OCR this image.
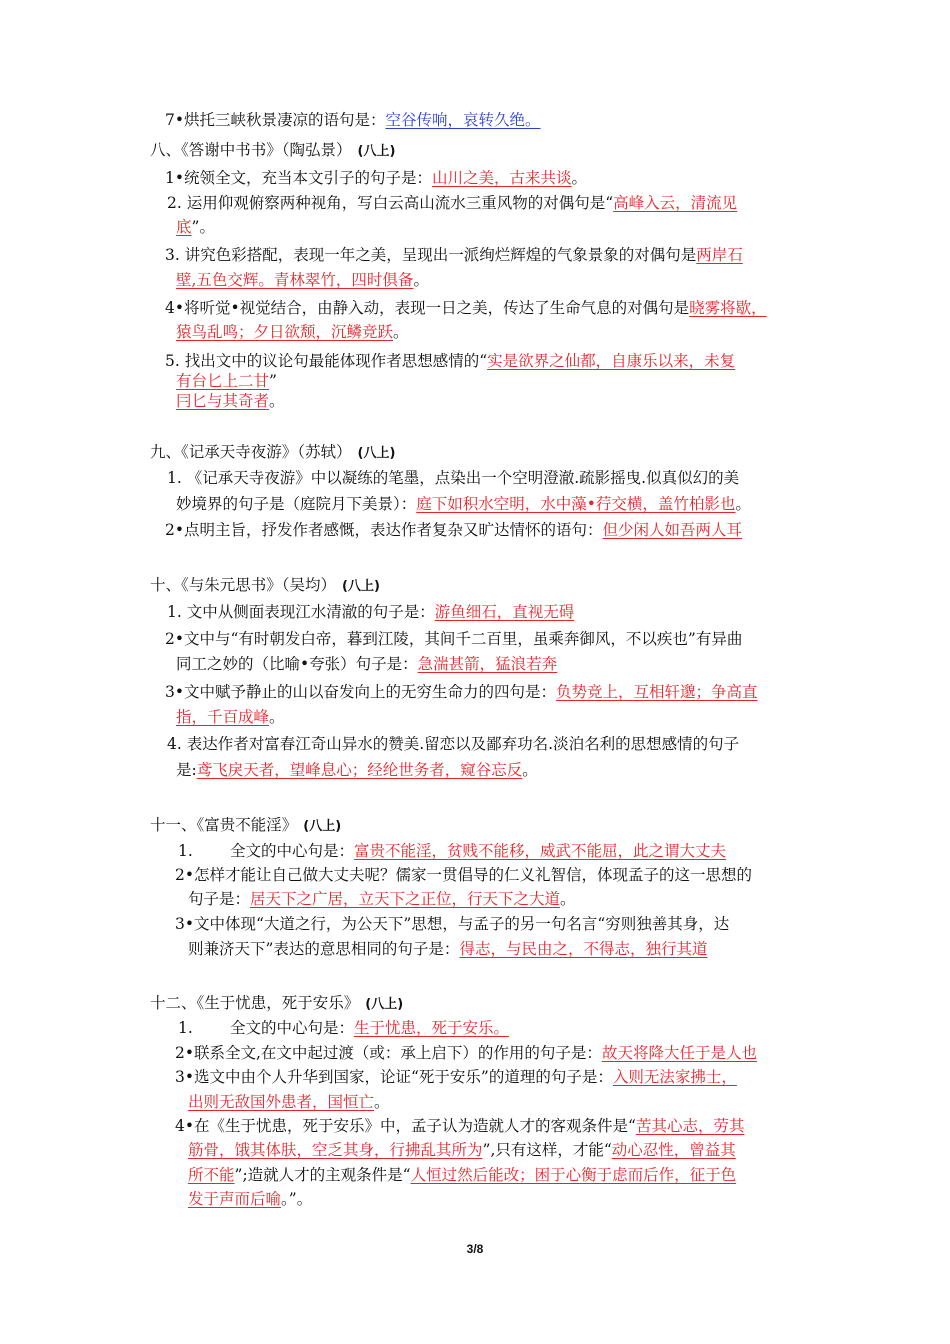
7•烘托三峡秋景凄凉的语句是：空谷传响，哀转久绝。
八、《答谢中书书》（陶弘景） (八上)
1•统领全文，充当本文引子的句子是：山川之美，古来共谈。
2. 运用仰观俯察两种视角，写白云高山流水三重风物的对偶句是“高峰入云，清流见
底”。
3. 讲究色彩搭配，表现一年之美，呈现出一派绚烂辉煌的气象景象的对偶句是两岸石
壁,五色交辉。青林翠竹，四时俱备。
4•将听觉•视觉结合，由静入动，表现一日之美，传达了生命气息的对偶句是晓雾将歇，
猿鸟乱鸣；夕日欲颓，沉鳞竞跃。
5. 找出文中的议论句最能体现作者思想感情的“实是欲界之仙都，自康乐以来，未复
有台匕上二甘”
冃匕与其奇者。
九、《记承天寺夜游》（苏轼） (八上)
1. 《记承天寺夜游》中以凝练的笔墨，点染出一个空明澄澈.疏影摇曳.似真似幻的美
妙境界的句子是（庭院月下美景）：庭下如积水空明，水中藻•荇交横，盖竹柏影也。
2•点明主旨，抒发作者感慨，表达作者复杂又旷达情怀的语句：但少闲人如吾两人耳
十、《与朱元思书》（吴均） (八上)
1. 文中从侧面表现江水清澈的句子是：游鱼细石，直视无碍
2•文中与“有时朝发白帝，暮到江陵，其间千二百里，虽乘奔御风，不以疾也”有异曲
同工之妙的（比喻•夸张）句子是：急湍甚箭，猛浪若奔
3•文中赋予静止的山以奋发向上的无穷生命力的四句是：负势竞上，互相轩邈；争高直
指，千百成峰。
4. 表达作者对富春江奇山异水的赞美.留恋以及鄙弃功名.淡泊名利的思想感情的句子
是:鸢飞戾天者，望峰息心；经纶世务者，窥谷忘反。
十一、《富贵不能淫》 (八上)
1. 全文的中心句是：富贵不能淫，贫贱不能移，威武不能屈，此之谓大丈夫
2•怎样才能让自己做大丈夫呢？儒家一贯倡导的仁义礼智信，体现孟子的这一思想的
句子是：居天下之广居，立天下之正位，行天下之大道。
3•文中体现“大道之行，为公天下”思想，与孟子的另一句名言“穷则独善其身，达
则兼济天下”表达的意思相同的句子是：得志，与民由之，不得志，独行其道
十二、《生于忧患，死于安乐》 (八上)
1. 全文的中心句是：生于忧患，死于安乐。
2•联系全文,在文中起过渡（或：承上启下）的作用的句子是：故天将降大任于是人也
3•选文中由个人升华到国家，论证“死于安乐”的道理的句子是：入则无法家拂士，
出则无敌国外患者，国恒亡。
4•在《生于忧患，死于安乐》中，孟子认为造就人才的客观条件是“苦其心志，劳其
筋骨，饿其体肤，空乏其身，行拂乱其所为”,只有这样，才能“动心忍性，曾益其
所不能”;造就人才的主观条件是“人恒过然后能改；困于心衡于虑而后作，征于色
发于声而后喻。”。
3/8
